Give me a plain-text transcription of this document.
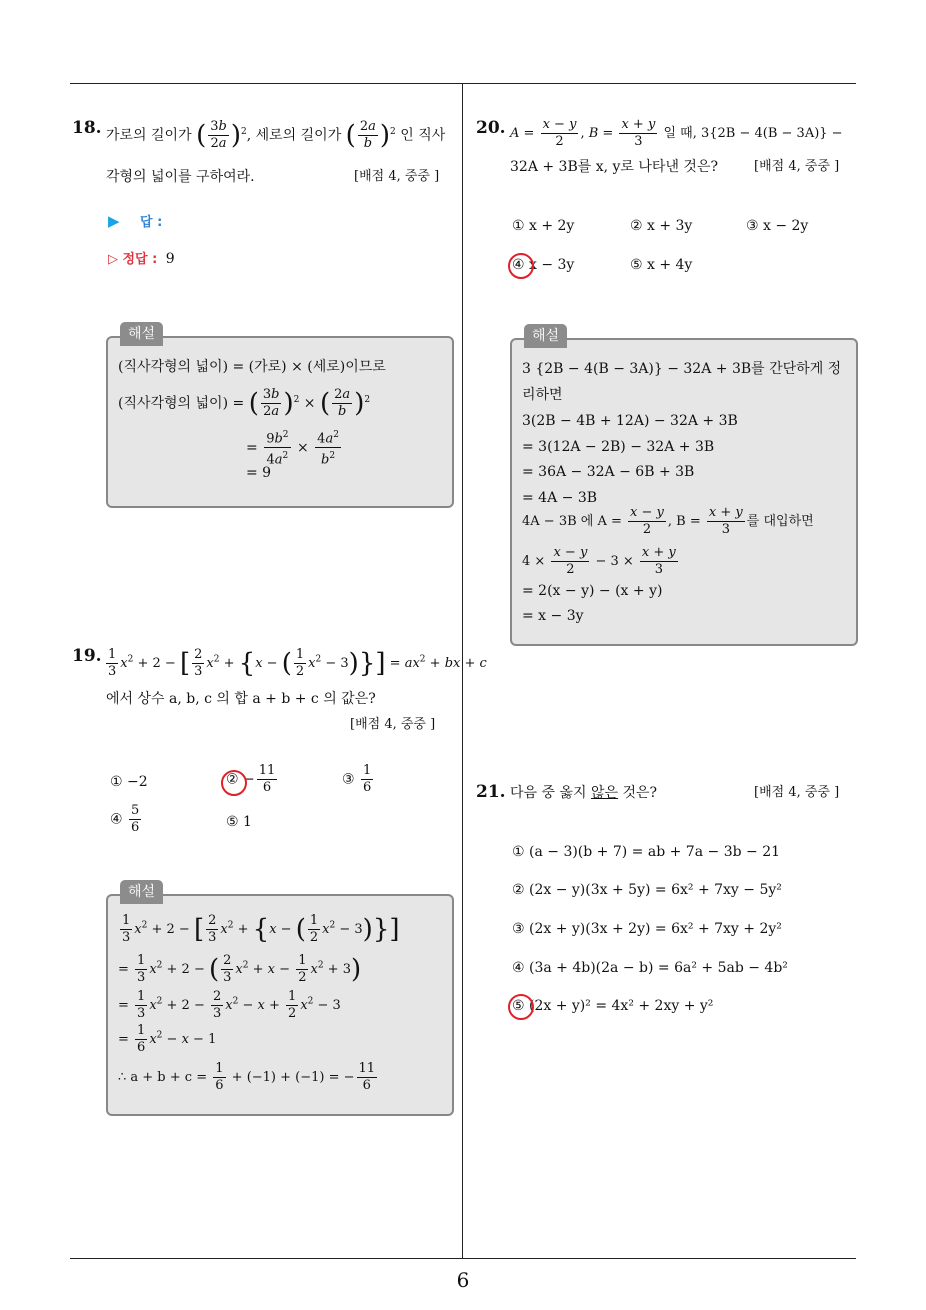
6
18. 가로의 길이가 ( $\frac{3b}{2a} )^2$, 세로의 길이가 ( $\frac{2a}{b} )^2$ 인 직사
각형의 넓이를 구하여라.	[배점 4, 중중 ]
▶ 답 :
▷ 정답 : 9
해설
(직사각형의 넓이) = (가로) × (세로)이므로
(직사각형의 넓이) = ( $\frac{3b}{2a} )^2$ × ( $\frac{2a}{b} )^2$
= $\frac{9b^2}{4a^2} \times \frac{4a^2}{b^2}$
= 9
19. $\frac{1}{3} x^2 + 2$ − [ $\frac{2}{3} x^2 + \{x$ − ( $\frac{1}{2} x^2 - 3)\}] = ax^2$ + bx + c
에서 상수 a, b, c 의 합 a + b + c 의 값은?
[배점 4, 중중 ]
① −2	② − $\frac{11}{6}$	③ $\frac{1}{6}$
④ $\frac{5}{6}$	⑤ 1
해설
$\frac{1}{3} x^2 + 2$ − [ $\frac{2}{3} x^2 + \{x$ − ( $\frac{1}{2} x^2 - 3$)}]
= $\frac{1}{3} x^2 + 2$ − ( $\frac{2}{3} x^2 + x - \frac{1}{2} x^2 + 3$)
= $\frac{1}{3} x^2 + 2 - \frac{2}{3} x^2 - x + \frac{1}{2} x^2 - 3$
= $\frac{1}{6} x^2 - x - 1$
∴ $a + b + c = \frac{1}{6} + (-1) + (-1)$ = − $\frac{11}{6}$
20. $A = \frac{x - y}{2}$ , $B = \frac{x + y}{3}$ 일 때, 3{2B − 4(B − 3A)} −
32A + 3B를 x, y로 나타낸 것은?	[배점 4, 중중 ]
① x + 2y	② x + 3y	③ x − 2y
④ x − 3y	⑤ x + 4y
해설
3 {2B − 4(B − 3A)} − 32A + 3B를 간단하게 정
리하면
3(2B − 4B + 12A) − 32A + 3B
= 3(12A − 2B) − 32A + 3B
= 36A − 32A − 6B + 3B
= 4A − 3B
4A − 3B 에 $A = \frac{x - y}{2}$ , $B = \frac{x + y}{3}$ 를 대입하면
$4 \times \frac{x - y}{2} - 3 \times \frac{x + y}{3}$
= 2(x − y) − (x + y)
= x − 3y
21. 다음 중 옳지 않은 것은?	[배점 4, 중중 ]
① (a − 3)(b + 7) = ab + 7a − 3b − 21
② (2x − y)(3x + 5y) = 6x² + 7xy − 5y²
③ (2x + y)(3x + 2y) = 6x² + 7xy + 2y²
④ (3a + 4b)(2a − b) = 6a² + 5ab − 4b²
⑤ (2x + y)² = 4x² + 2xy + y²
